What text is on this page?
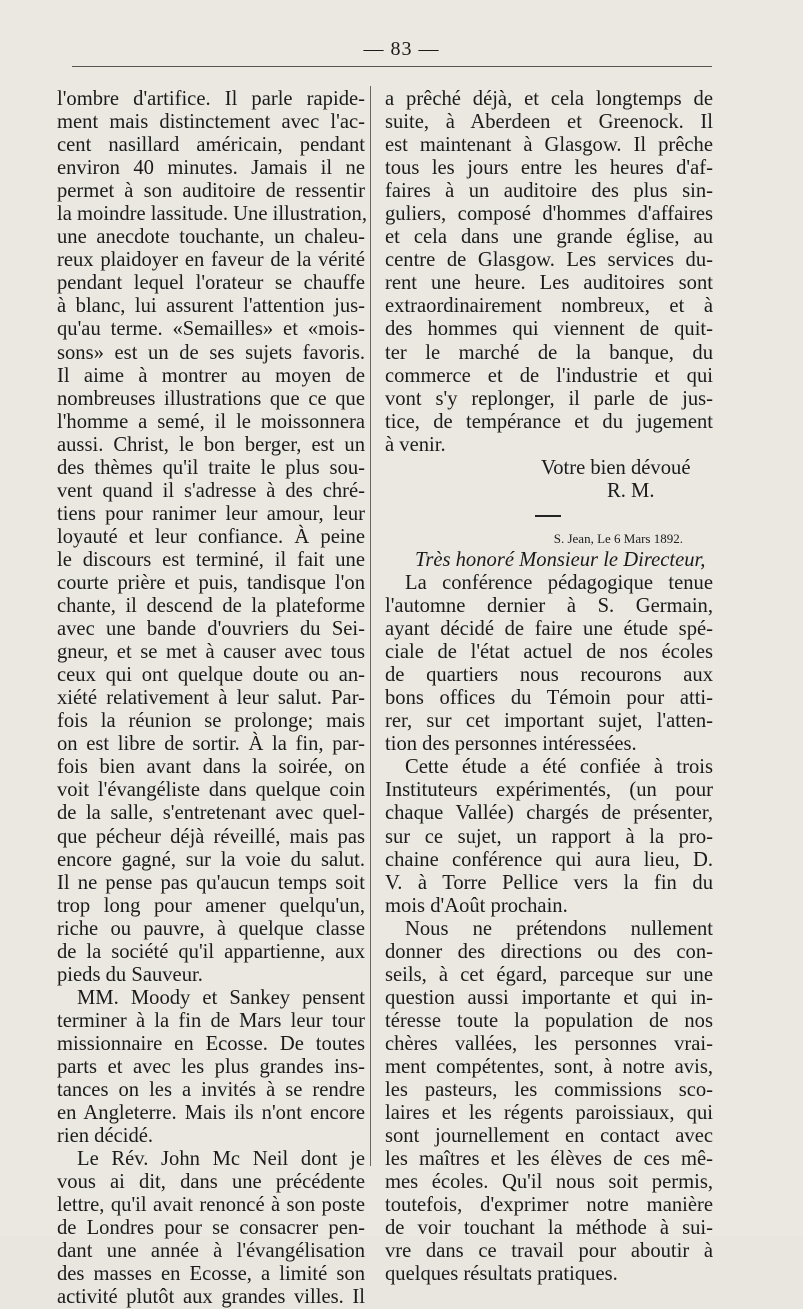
— 83 —
l'ombre d'artifice. Il parle rapide-
ment mais distinctement avec l'ac-
cent nasillard américain, pendant
environ 40 minutes. Jamais il ne
permet à son auditoire de ressentir
la moindre lassitude. Une illustration,
une anecdote touchante, un chaleu-
reux plaidoyer en faveur de la vérité
pendant lequel l'orateur se chauffe
à blanc, lui assurent l'attention jus-
qu'au terme. «Semailles» et «mois-
sons» est un de ses sujets favoris.
Il aime à montrer au moyen de
nombreuses illustrations que ce que
l'homme a semé, il le moissonnera
aussi. Christ, le bon berger, est un
des thèmes qu'il traite le plus sou-
vent quand il s'adresse à des chré-
tiens pour ranimer leur amour, leur
loyauté et leur confiance. À peine
le discours est terminé, il fait une
courte prière et puis, tandisque l'on
chante, il descend de la plateforme
avec une bande d'ouvriers du Sei-
gneur, et se met à causer avec tous
ceux qui ont quelque doute ou an-
xiété relativement à leur salut. Par-
fois la réunion se prolonge; mais
on est libre de sortir. À la fin, par-
fois bien avant dans la soirée, on
voit l'évangéliste dans quelque coin
de la salle, s'entretenant avec quel-
que pécheur déjà réveillé, mais pas
encore gagné, sur la voie du salut.
Il ne pense pas qu'aucun temps soit
trop long pour amener quelqu'un,
riche ou pauvre, à quelque classe
de la société qu'il appartienne, aux
pieds du Sauveur.
MM. Moody et Sankey pensent
terminer à la fin de Mars leur tour
missionnaire en Ecosse. De toutes
parts et avec les plus grandes ins-
tances on les a invités à se rendre
en Angleterre. Mais ils n'ont encore
rien décidé.
Le Rév. John Mc Neil dont je
vous ai dit, dans une précédente
lettre, qu'il avait renoncé à son poste
de Londres pour se consacrer pen-
dant une année à l'évangélisation
des masses en Ecosse, a limité son
activité plutôt aux grandes villes. Il
a prêché déjà, et cela longtemps de
suite, à Aberdeen et Greenock. Il
est maintenant à Glasgow. Il prêche
tous les jours entre les heures d'af-
faires à un auditoire des plus sin-
guliers, composé d'hommes d'affaires
et cela dans une grande église, au
centre de Glasgow. Les services du-
rent une heure. Les auditoires sont
extraordinairement nombreux, et à
des hommes qui viennent de quit-
ter le marché de la banque, du
commerce et de l'industrie et qui
vont s'y replonger, il parle de jus-
tice, de tempérance et du jugement
à venir.
Votre bien dévoué
R. M.
S. Jean, Le 6 Mars 1892.
Très honoré Monsieur le Directeur,
La conférence pédagogique tenue
l'automne dernier à S. Germain,
ayant décidé de faire une étude spé-
ciale de l'état actuel de nos écoles
de quartiers nous recourons aux
bons offices du Témoin pour atti-
rer, sur cet important sujet, l'atten-
tion des personnes intéressées.
Cette étude a été confiée à trois
Instituteurs expérimentés, (un pour
chaque Vallée) chargés de présenter,
sur ce sujet, un rapport à la pro-
chaine conférence qui aura lieu, D.
V. à Torre Pellice vers la fin du
mois d'Août prochain.
Nous ne prétendons nullement
donner des directions ou des con-
seils, à cet égard, parceque sur une
question aussi importante et qui in-
téresse toute la population de nos
chères vallées, les personnes vrai-
ment compétentes, sont, à notre avis,
les pasteurs, les commissions sco-
laires et les régents paroissiaux, qui
sont journellement en contact avec
les maîtres et les élèves de ces mê-
mes écoles. Qu'il nous soit permis,
toutefois, d'exprimer notre manière
de voir touchant la méthode à sui-
vre dans ce travail pour aboutir à
quelques résultats pratiques.
